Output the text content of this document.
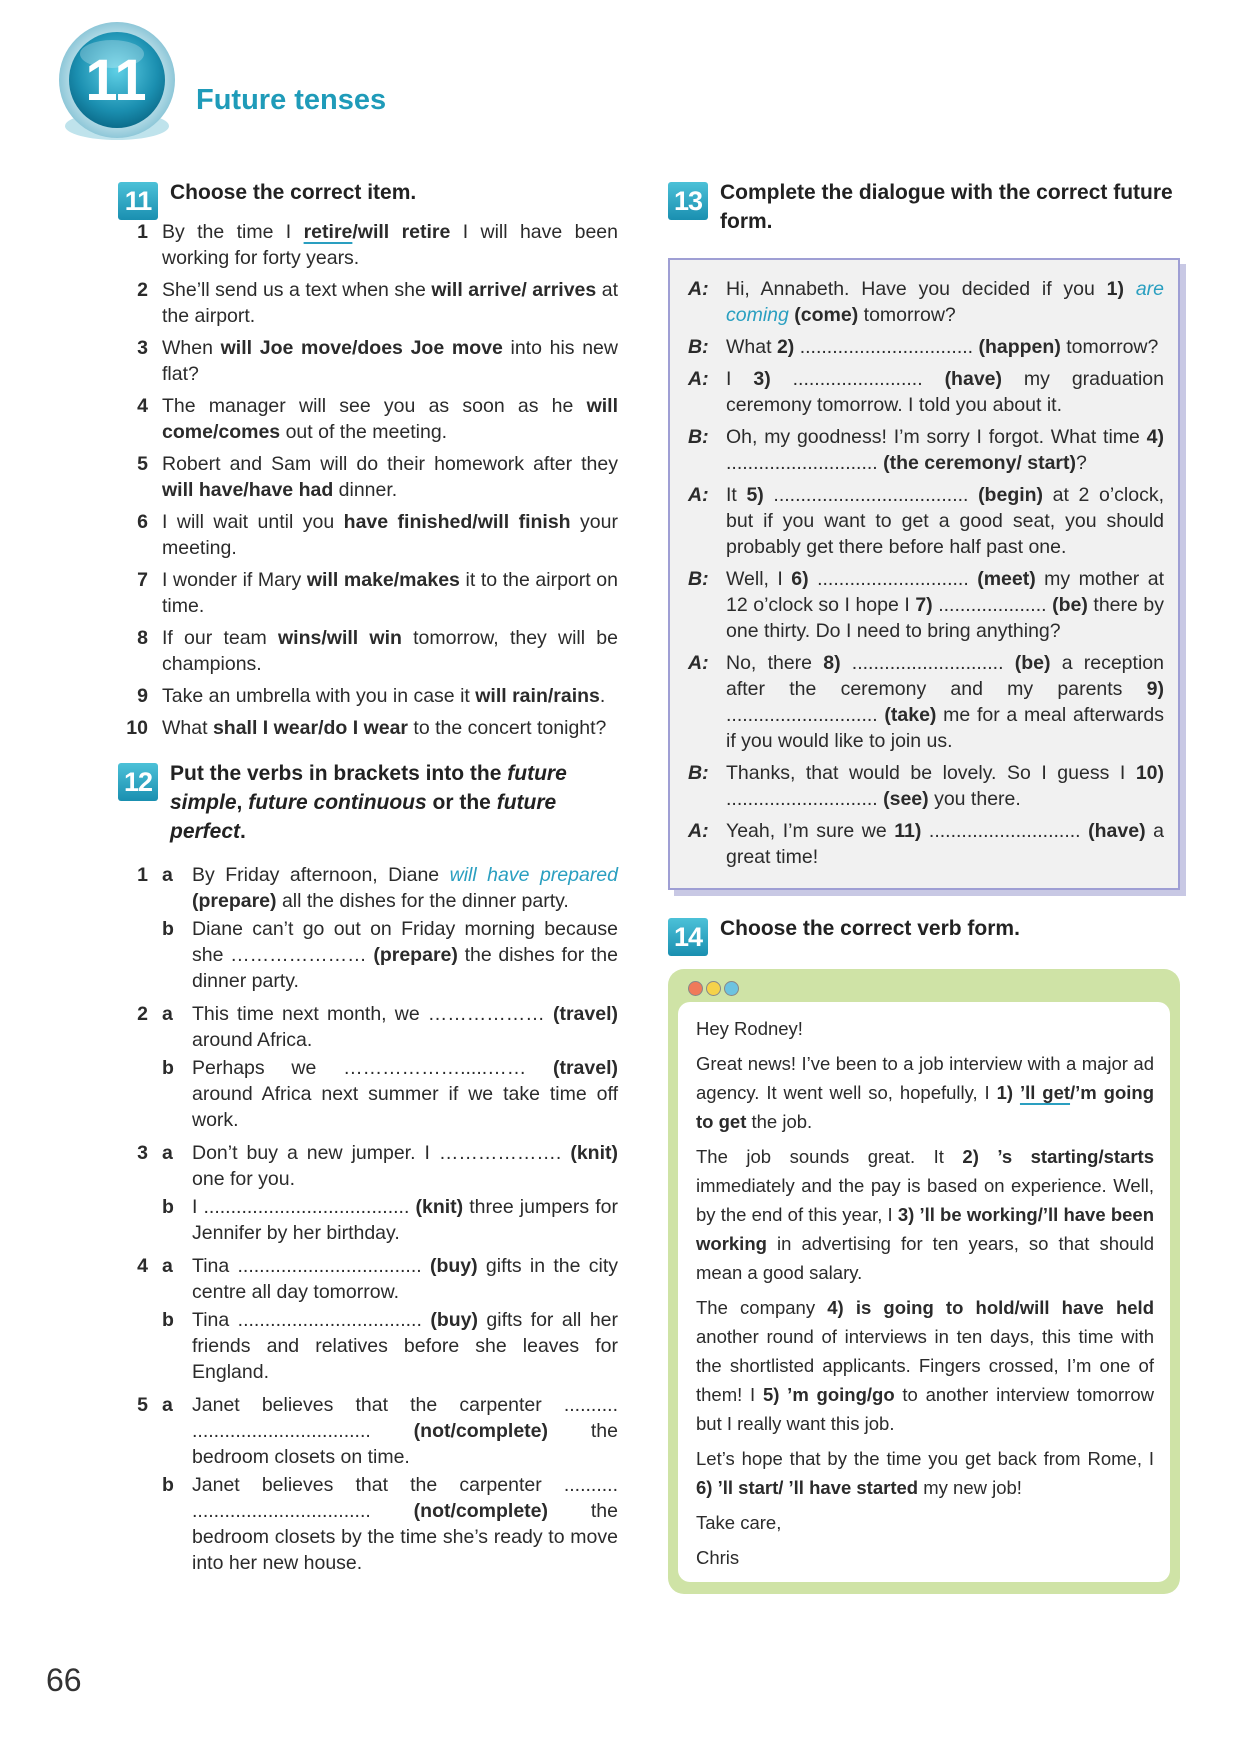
11 Future tenses
11 Choose the correct item.
1 By the time I retire/will retire I will have been working for forty years.
2 She’ll send us a text when she will arrive/ arrives at the airport.
3 When will Joe move/does Joe move into his new flat?
4 The manager will see you as soon as he will come/comes out of the meeting.
5 Robert and Sam will do their homework after they will have/have had dinner.
6 I will wait until you have finished/will finish your meeting.
7 I wonder if Mary will make/makes it to the airport on time.
8 If our team wins/will win tomorrow, they will be champions.
9 Take an umbrella with you in case it will rain/rains.
10 What shall I wear/do I wear to the concert tonight?
12 Put the verbs in brackets into the future simple, future continuous or the future perfect.
1 a By Friday afternoon, Diane will have prepared (prepare) all the dishes for the dinner party.
b Diane can’t go out on Friday morning because she ………………… (prepare) the dishes for the dinner party.
2 a This time next month, we ……………… (travel) around Africa.
b Perhaps we ……………….....…… (travel) around Africa next summer if we take time off work.
3 a Don’t buy a new jumper. I ………………. (knit) one for you.
b I ...................................... (knit) three jumpers for Jennifer by her birthday.
4 a Tina .................................. (buy) gifts in the city centre all day tomorrow.
b Tina .................................. (buy) gifts for all her friends and relatives before she leaves for England.
5 a Janet believes that the carpenter .......... ................................. (not/complete) the bedroom closets on time.
b Janet believes that the carpenter .......... ................................. (not/complete) the bedroom closets by the time she’s ready to move into her new house.
13 Complete the dialogue with the correct future form.
A: Hi, Annabeth. Have you decided if you 1) are coming (come) tomorrow?
B: What 2) ................................ (happen) tomorrow?
A: I 3) ........................ (have) my graduation ceremony tomorrow. I told you about it.
B: Oh, my goodness! I’m sorry I forgot. What time 4) ............................ (the ceremony/ start)?
A: It 5) .................................... (begin) at 2 o’clock, but if you want to get a good seat, you should probably get there before half past one.
B: Well, I 6) ............................ (meet) my mother at 12 o’clock so I hope I 7) .................... (be) there by one thirty. Do I need to bring anything?
A: No, there 8) ............................ (be) a reception after the ceremony and my parents 9) ............................ (take) me for a meal afterwards if you would like to join us.
B: Thanks, that would be lovely. So I guess I 10) ............................ (see) you there.
A: Yeah, I’m sure we 11) ............................ (have) a great time!
14 Choose the correct verb form.

Hey Rodney!

Great news! I’ve been to a job interview with a major ad agency. It went well so, hopefully, I 1) ’ll get/’m going to get the job.

The job sounds great. It 2) ’s starting/starts immediately and the pay is based on experience. Well, by the end of this year, I 3) ’ll be working/’ll have been working in advertising for ten years, so that should mean a good salary.

The company 4) is going to hold/will have held another round of interviews in ten days, this time with the shortlisted applicants. Fingers crossed, I’m one of them! I 5) ’m going/go to another interview tomorrow but I really want this job.

Let’s hope that by the time you get back from Rome, I 6) ’ll start/ ’ll have started my new job!

Take care,

Chris

66
